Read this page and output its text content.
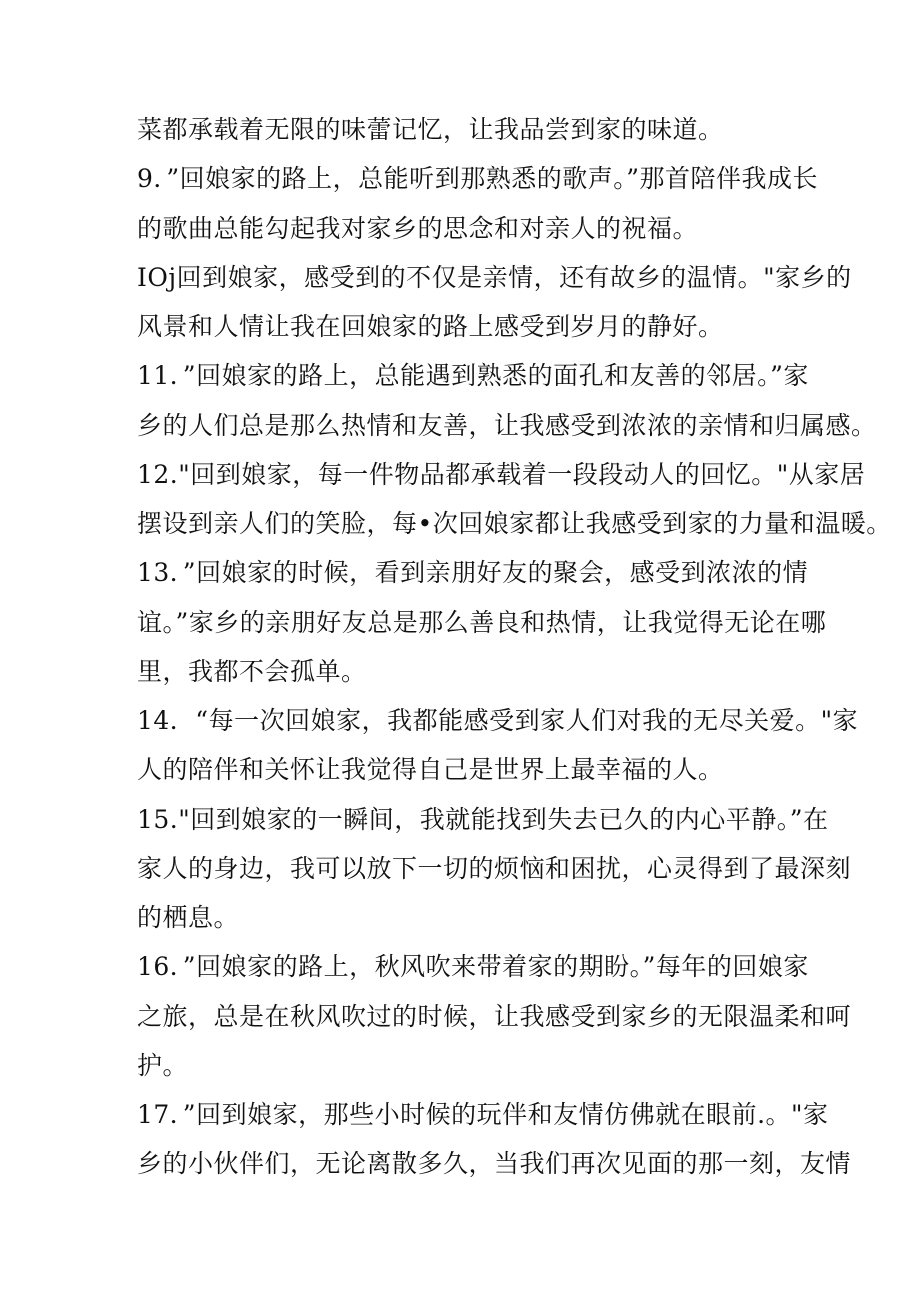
菜都承载着无限的味蕾记忆，让我品尝到家的味道。
9．”回娘家的路上，总能听到那熟悉的歌声。”那首陪伴我成长
的歌曲总能勾起我对家乡的思念和对亲人的祝福。
IOj回到娘家，感受到的不仅是亲情，还有故乡的温情。"家乡的
风景和人情让我在回娘家的路上感受到岁月的静好。
11．”回娘家的路上，总能遇到熟悉的面孔和友善的邻居。”家
乡的人们总是那么热情和友善，让我感受到浓浓的亲情和归属感。
12."回到娘家，每一件物品都承载着一段段动人的回忆。"从家居
摆设到亲人们的笑脸，每•次回娘家都让我感受到家的力量和温暖。
13．”回娘家的时候，看到亲朋好友的聚会，感受到浓浓的情
谊。”家乡的亲朋好友总是那么善良和热情，让我觉得无论在哪
里，我都不会孤单。
14．“每一次回娘家，我都能感受到家人们对我的无尽关爱。"家
人的陪伴和关怀让我觉得自己是世界上最幸福的人。
15."回到娘家的一瞬间，我就能找到失去已久的内心平静。”在
家人的身边，我可以放下一切的烦恼和困扰，心灵得到了最深刻
的栖息。
16．”回娘家的路上，秋风吹来带着家的期盼。”每年的回娘家
之旅，总是在秋风吹过的时候，让我感受到家乡的无限温柔和呵
护。
17．”回到娘家，那些小时候的玩伴和友情仿佛就在眼前.。"家
乡的小伙伴们，无论离散多久，当我们再次见面的那一刻，友情
